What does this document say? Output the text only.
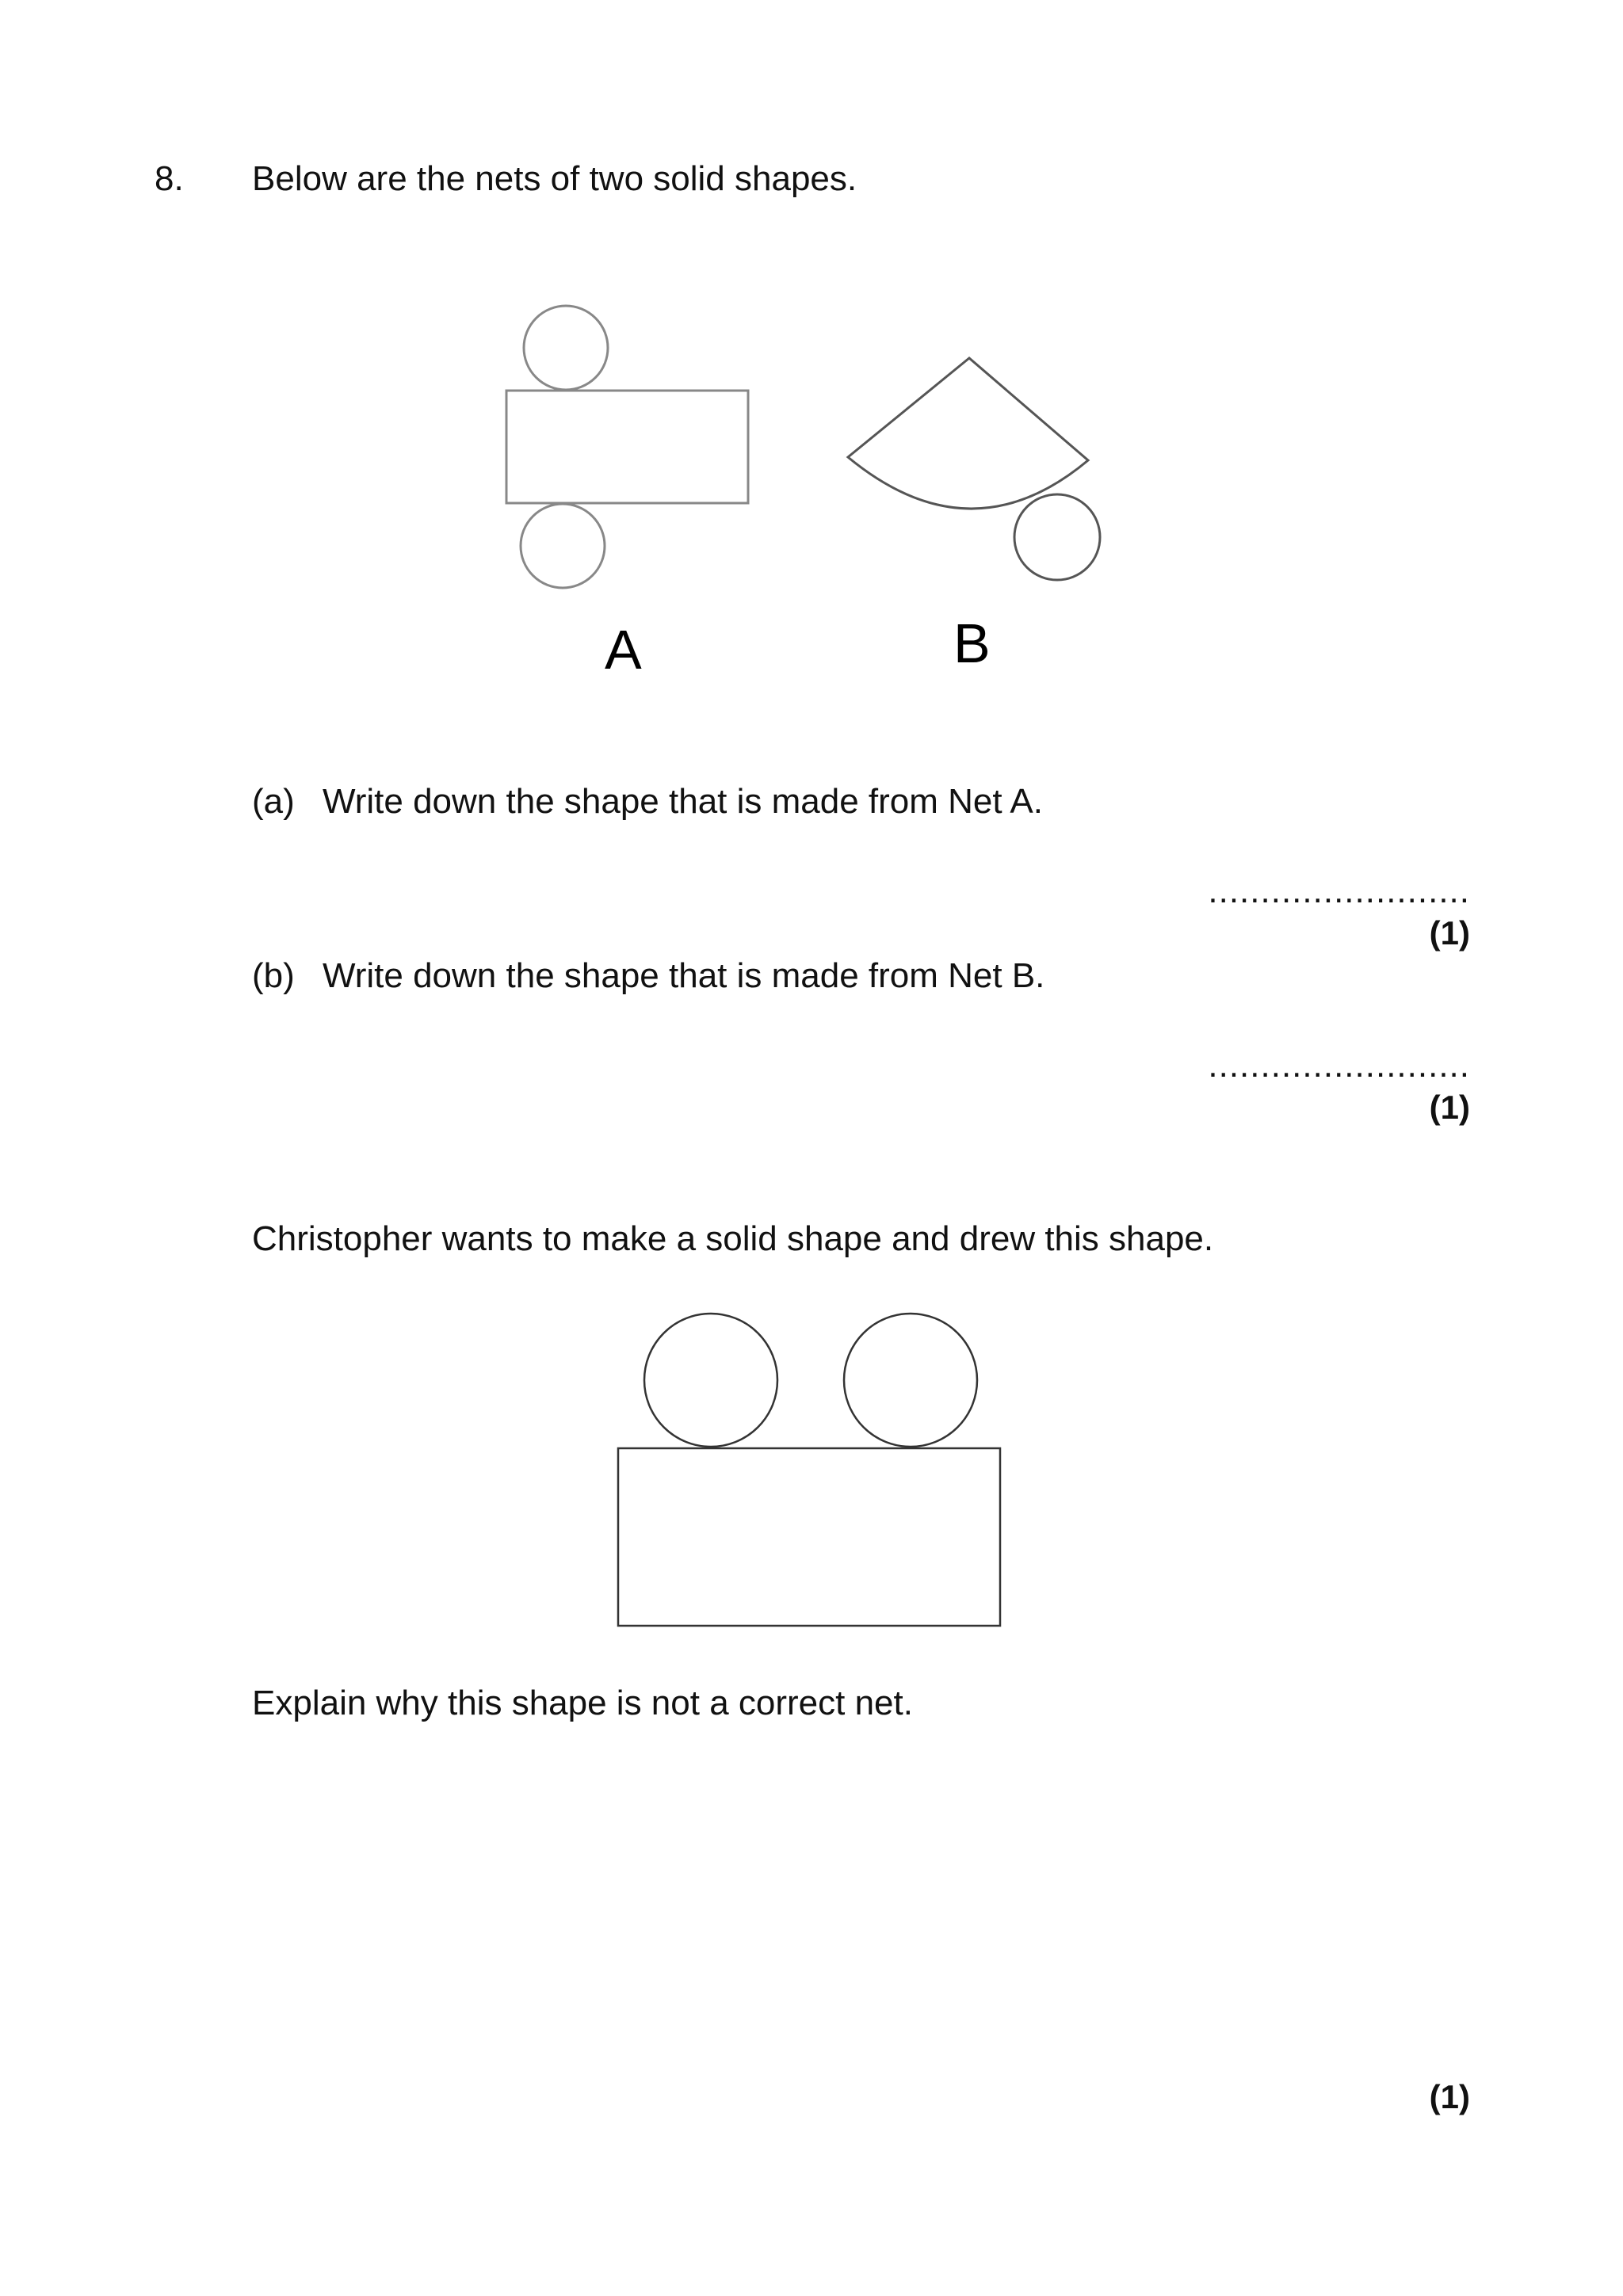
8. Below are the nets of two solid shapes.
A	B
(a) Write down the shape that is made from Net A.
.........................
(1)
(b) Write down the shape that is made from Net B.
.........................
(1)
Christopher wants to make a solid shape and drew this shape.
Explain why this shape is not a correct net.
(1)
